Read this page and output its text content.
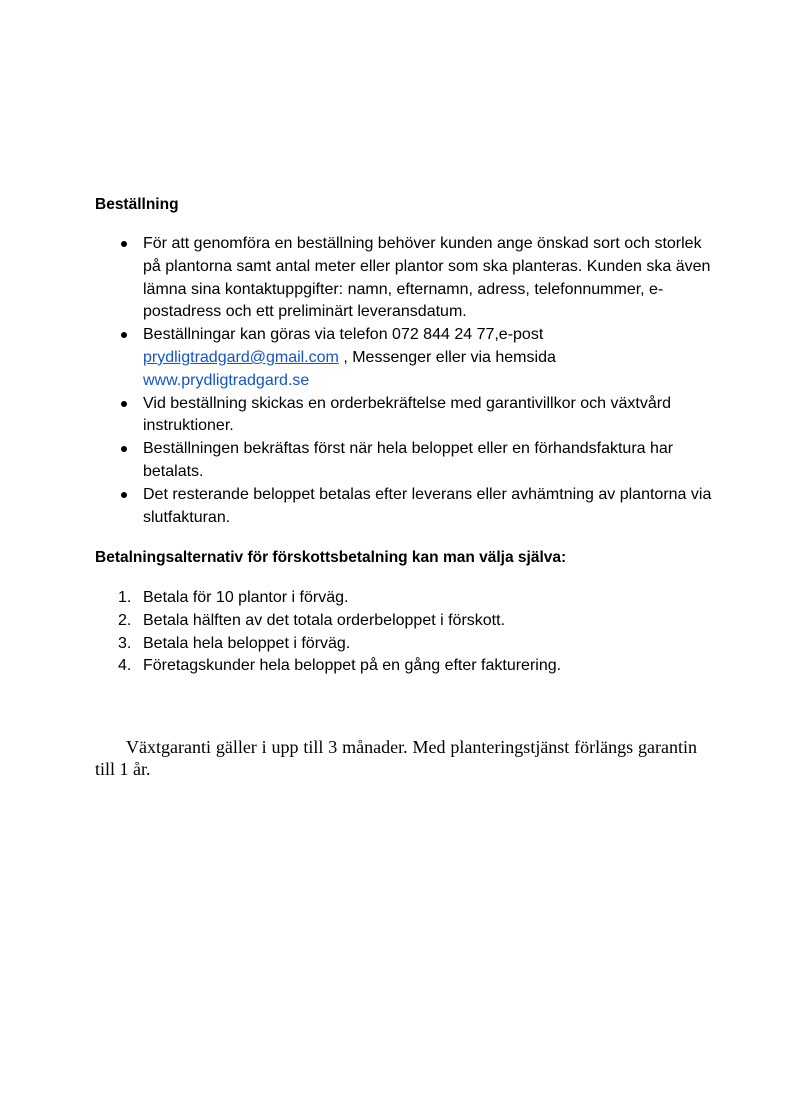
Beställning
För att genomföra en beställning behöver kunden ange önskad sort och storlek på plantorna samt antal meter eller plantor som ska planteras. Kunden ska även lämna sina kontaktuppgifter: namn, efternamn, adress, telefonnummer, e-postadress och ett preliminärt leveransdatum.
Beställningar kan göras via telefon 072 844 24 77,e-post prydligtradgard@gmail.com , Messenger eller via hemsida www.prydligtradgard.se
Vid beställning skickas en orderbekräftelse med garantivillkor och växtvård instruktioner.
Beställningen bekräftas först när hela beloppet eller en förhandsfaktura har betalats.
Det resterande beloppet betalas efter leverans eller avhämtning av plantorna via slutfakturan.
Betalningsalternativ för förskottsbetalning kan man välja själva:
1. Betala för 10 plantor i förväg.
2. Betala hälften av det totala orderbeloppet i förskott.
3. Betala hela beloppet i förväg.
4. Företagskunder hela beloppet på en gång efter fakturering.

Växtgaranti gäller i upp till 3 månader. Med planteringstjänst förlängs garantin till 1 år.
